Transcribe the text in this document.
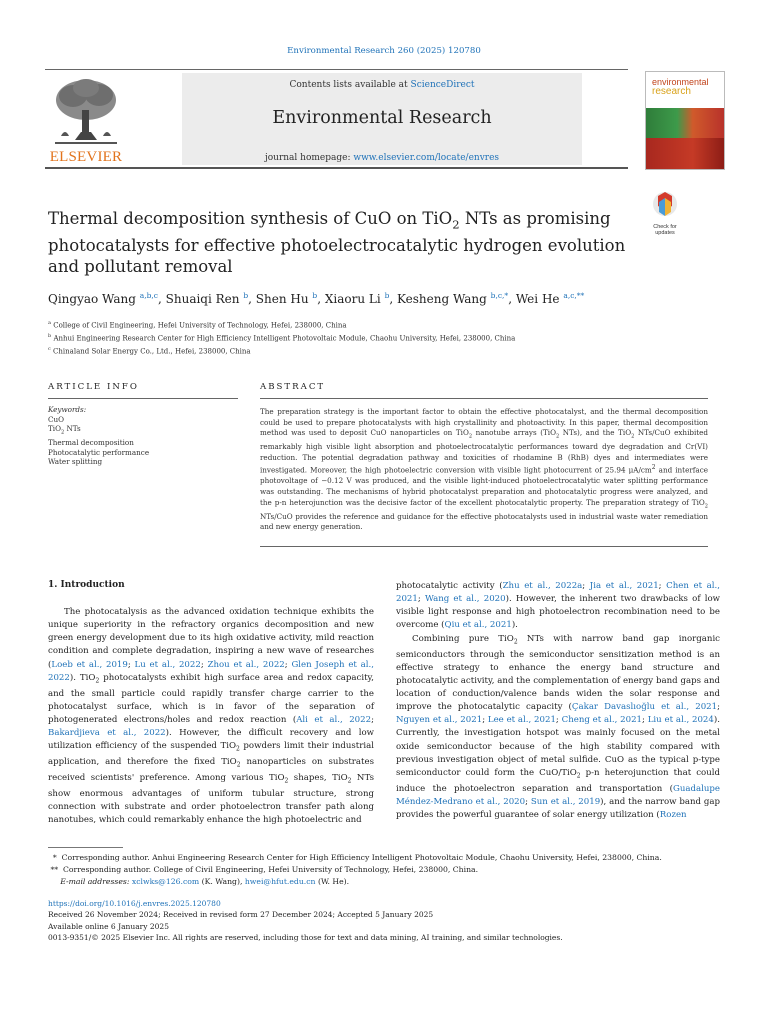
Environmental Research 260 (2025) 120780
ELSEVIER
Contents lists available at ScienceDirect
Environmental Research
journal homepage: www.elsevier.com/locate/envres
environmental
research
Thermal decomposition synthesis of CuO on TiO$_2$ NTs as promising photocatalysts for effective photoelectrocatalytic hydrogen evolution and pollutant removal
Check for
updates
Qingyao Wang $^{a,b,c}$, Shuaiqi Ren $^b$, Shen Hu $^b$, Xiaoru Li $^b$, Kesheng Wang $^{b,c,*}$, Wei He $^{a,c,**}$
$^a$ College of Civil Engineering, Hefei University of Technology, Hefei, 238000, China
$^b$ Anhui Engineering Research Center for High Efficiency Intelligent Photovoltaic Module, Chaohu University, Hefei, 238000, China
$^c$ Chinaland Solar Energy Co., Ltd., Hefei, 238000, China
ARTICLE INFO	ABSTRACT
Keywords:
CuO
TiO$_2$ NTs
Thermal decomposition
Photocatalytic performance
Water splitting
The preparation strategy is the important factor to obtain the effective photocatalyst, and the thermal decomposition could be used to prepare photocatalysts with high crystallinity and photoactivity. In this paper, thermal decomposition method was used to deposit CuO nanoparticles on TiO$_2$ nanotube arrays (TiO$_2$ NTs), and the TiO$_2$ NTs/CuO exhibited remarkably high visible light absorption and photoelectrocatalytic performances toward dye degradation and Cr(VI) reduction. The potential degradation pathway and toxicities of rhodamine B (RhB) dyes and intermediates were investigated. Moreover, the high photoelectric conversion with visible light photocurrent of 25.94 $\mu A/cm^2$ and interface photovoltage of −0.12 V was produced, and the visible light-induced photoelectrocatalytic water splitting performance was outstanding. The mechanisms of hybrid photocatalyst preparation and photocatalytic progress were analyzed, and the p-n heterojunction was the decisive factor of the excellent photocatalytic property. The preparation strategy of TiO$_2$ NTs/CuO provides the reference and guidance for the effective photocatalysts used in industrial waste water remediation and new energy generation.
1. Introduction
The photocatalysis as the advanced oxidation technique exhibits the unique superiority in the refractory organics decomposition and new green energy development due to its high oxidative activity, mild reaction condition and complete degradation, inspiring a new wave of researches (Loeb et al., 2019; Lu et al., 2022; Zhou et al., 2022; Glen Joseph et al., 2022). TiO$_2$ photocatalysts exhibit high surface area and redox capacity, and the small particle could rapidly transfer charge carrier to the photocatalyst surface, which is in favor of the separation of photogenerated electrons/holes and redox reaction (Ali et al., 2022; Bakardjieva et al., 2022). However, the difficult recovery and low utilization efficiency of the suspended TiO$_2$ powders limit their industrial application, and therefore the fixed TiO$_2$ nanoparticles on substrates received scientists' preference. Among various TiO$_2$ shapes, TiO$_2$ NTs show enormous advantages of uniform tubular structure, strong connection with substrate and order photoelectron transfer path along nanotubes, which could remarkably enhance the high photoelectric and

photocatalytic activity (Zhu et al., 2022a; Jia et al., 2021; Chen et al., 2021; Wang et al., 2020). However, the inherent two drawbacks of low visible light response and high photoelectron recombination need to be overcome (Qiu et al., 2021).

Combining pure TiO$_2$ NTs with narrow band gap inorganic semiconductors through the semiconductor sensitization method is an effective strategy to enhance the energy band structure and photocatalytic activity, and the complementation of energy band gaps and location of conduction/valence bands widen the solar response and improve the photocatalytic capacity (Çakar Davaslıoğlu et al., 2021; Nguyen et al., 2021; Lee et al., 2021; Cheng et al., 2021; Liu et al., 2024). Currently, the investigation hotspot was mainly focused on the metal oxide semiconductor because of the high stability compared with previous investigation object of metal sulfide. CuO as the typical p-type semiconductor could form the CuO/TiO$_2$ p-n heterojunction that could induce the photoelectron separation and transportation (Guadalupe Méndez-Medrano et al., 2020; Sun et al., 2019), and the narrow band gap provides the powerful guarantee of solar energy utilization (Rozen

*  Corresponding author. Anhui Engineering Research Center for High Efficiency Intelligent Photovoltaic Module, Chaohu University, Hefei, 238000, China.
**  Corresponding author. College of Civil Engineering, Hefei University of Technology, Hefei, 238000, China.
E-mail addresses: xclwks@126.com (K. Wang), hwei@hfut.edu.cn (W. He).
https://doi.org/10.1016/j.envres.2025.120780
Received 26 November 2024; Received in revised form 27 December 2024; Accepted 5 January 2025
Available online 6 January 2025
0013-9351/© 2025 Elsevier Inc. All rights are reserved, including those for text and data mining, AI training, and similar technologies.
